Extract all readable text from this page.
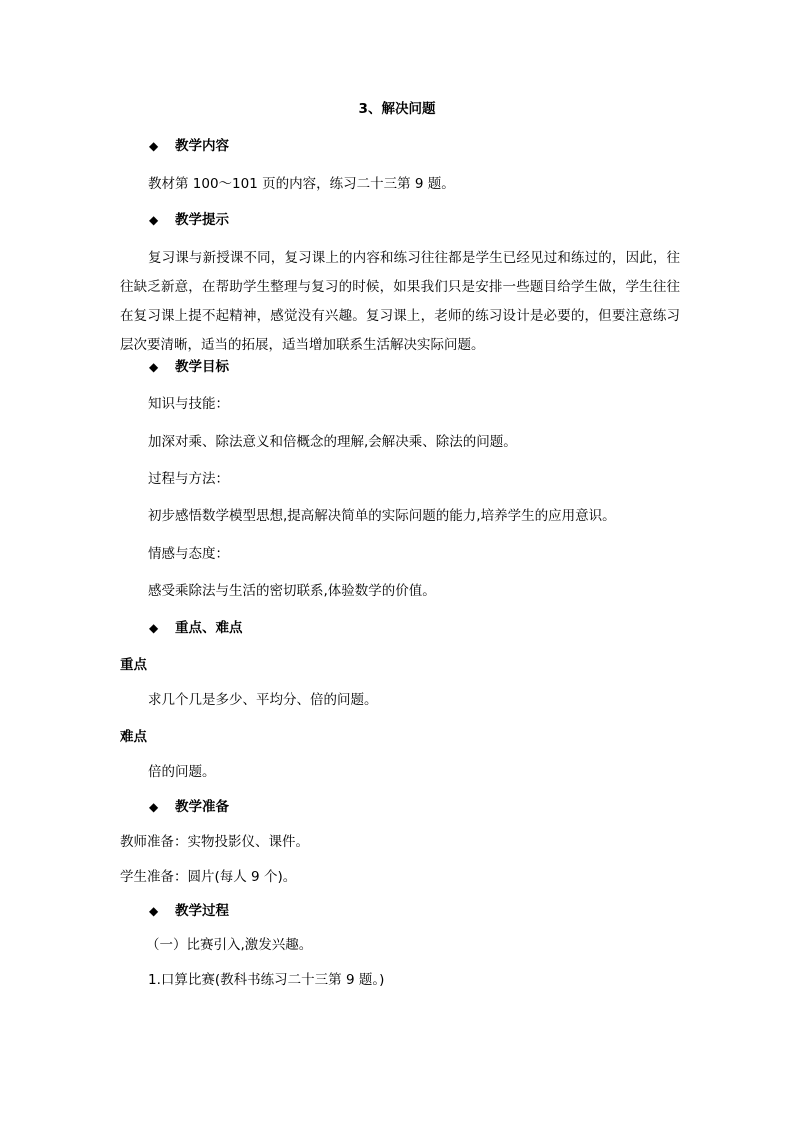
3、解决问题
◆ 教学内容
教材第 100～101 页的内容，练习二十三第 9 题。
◆ 教学提示
复习课与新授课不同，复习课上的内容和练习往往都是学生已经见过和练过的，因此，往往缺乏新意，在帮助学生整理与复习的时候，如果我们只是安排一些题目给学生做，学生往往在复习课上提不起精神，感觉没有兴趣。复习课上，老师的练习设计是必要的，但要注意练习层次要清晰，适当的拓展，适当增加联系生活解决实际问题。
◆ 教学目标
知识与技能：
加深对乘、除法意义和倍概念的理解,会解决乘、除法的问题。
过程与方法：
初步感悟数学模型思想,提高解决简单的实际问题的能力,培养学生的应用意识。
情感与态度：
感受乘除法与生活的密切联系,体验数学的价值。
◆ 重点、难点
重点
求几个几是多少、平均分、倍的问题。
难点
倍的问题。
◆ 教学准备
教师准备：实物投影仪、课件。
学生准备：圆片(每人 9 个)。
◆ 教学过程
（一）比赛引入,激发兴趣。
1.口算比赛(教科书练习二十三第 9 题。)
